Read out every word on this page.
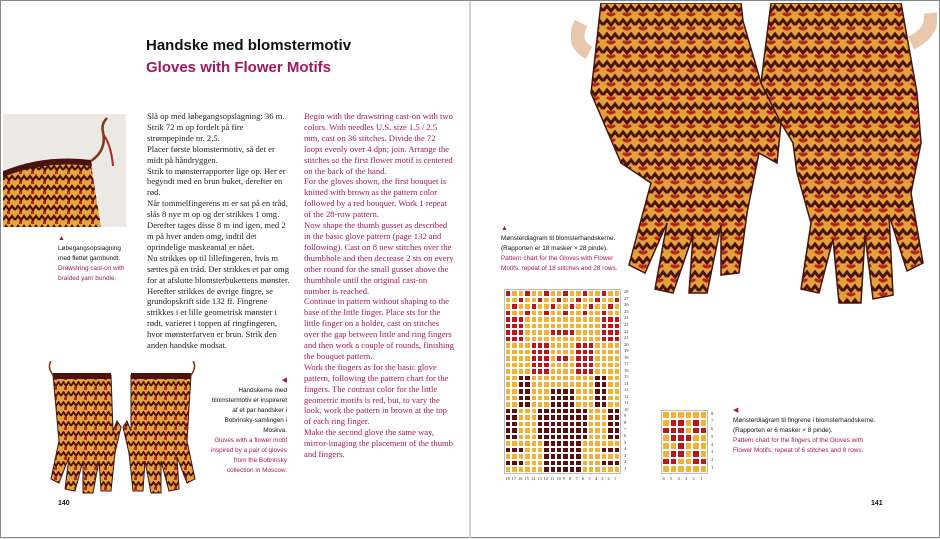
Handske med blomstermotiv
Gloves with Flower Motifs
▲
Løbegangsopslagning med flettet garnbundt.
Drawstring cast-on with braided yarn bundle.
◀
Handskerne med blomstermotiv er inspireret af et par handsker i Bobrinsky-samlingen i Moskva.
Gloves with a flower motif inspired by a pair of gloves from the Bobrinsky collection in Moscow.

Slå op med løbegangsopslagning: 36 m. Strik 72 m op fordelt på fire strømpepinde nr. 2,5.

Placer første blomstermotiv, så det er midt på håndryggen.

Strik to mønsterrapporter lige op. Her er begyndt med en brun buket, derefter en rød.

Når tommelfingerens m er sat på en tråd, slås 8 nye m op og der strikkes 1 omg. Derefter tages disse 8 m ind igen, med 2 m på hver anden omg, indtil det oprindelige maskeantal er nået.

Nu strikkes op til lillefingeren, hvis m sættes på en tråd. Der strikkes et par omg for at afslutte blomsterbukettens mønster. Herefter strikkes de øvrige fingre, se grundopskrift side 132 ff. Fingrene strikkes i et lille geometrisk mønster i rødt, varieret i toppen af ringfingeren, hvor mønsterfarven er brun. Strik den anden handske modsat.

Begin with the drawstring cast-on with two colors. With needles U.S. size 1.5 / 2.5 mm, cast on 36 stitches. Divide the 72 loops evenly over 4 dpn; join. Arrange the stitches so the first flower motif is centered on the back of the hand.

For the gloves shown, the first bouquet is knitted with brown as the pattern color followed by a red bouquet. Work 1 repeat of the 28-row pattern.

Now shape the thumb gusset as described in the basic glove pattern (page 132 and following). Cast on 8 new stitches over the thumbhole and then decrease 2 sts on every other round for the small gusset above the thumbhole until the original cast-on number is reached.

Continue in pattern without shaping to the base of the little finger. Place sts for the little finger on a holder, cast on stitches over the gap between little and ring fingers and then work a couple of rounds, finishing the bouquet pattern.

Work the fingers as for the basic glove pattern, following the pattern chart for the fingers. The contrast color for the little geometric motifs is red, but, to vary the look, work the pattern in brown at the top of each ring finger.

Make the second glove the same way, mirror-imaging the placement of the thumb and fingers.

140
▲
Mønsterdiagram til blomsterhandskerne. (Rapporten er 18 masker × 28 pinde).
Pattern chart for the Gloves with Flower Motifs; repeat of 18 stitches and 28 rows.
28
27
26
25
24
23
22
21
20
19
18
17
16
15
14
13
12
11
10
9
8
7
6
5
4
3
2
1
18 17 16 15 14 13 12 11 10 9 8 7 6 5 4 3 2 1
8
7
6
5
4
3
2
1
6 5 4 3 2 1
◀
Mønsterdiagram til fingrene i blomsterhandskerne. (Rapporten er 6 masker × 8 pinde).
Pattern chart for the fingers of the Gloves with Flower Motifs; repeat of 6 stitches and 8 rows.
141
